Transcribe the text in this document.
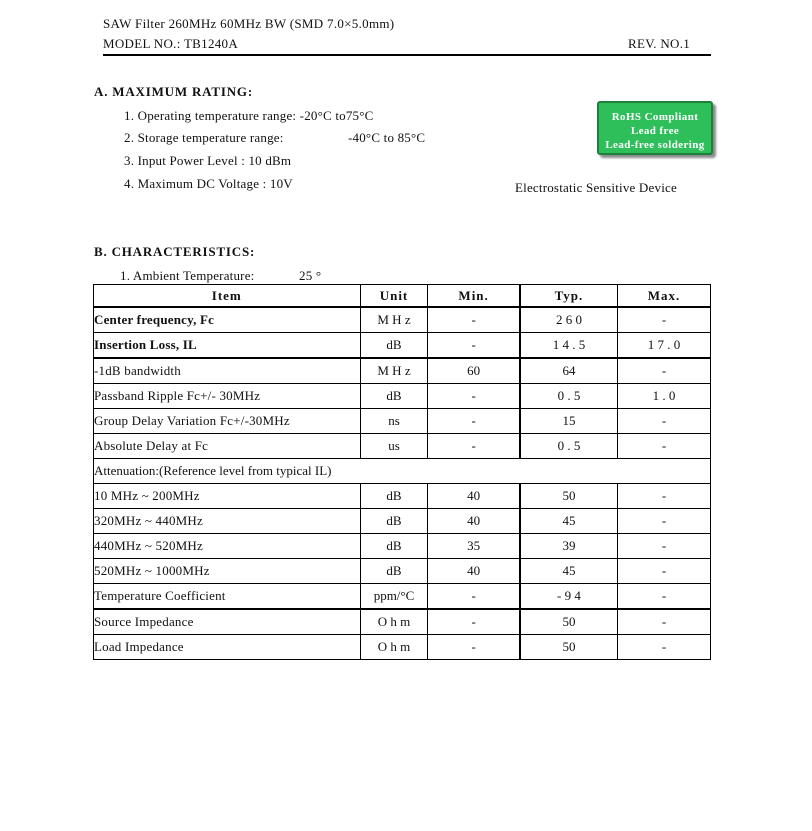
SAW Filter 260MHz 60MHz BW (SMD 7.0×5.0mm)
MODEL NO.: TB1240A	REV. NO.1
A. MAXIMUM RATING:
1. Operating temperature range: -20°C to75°C
2. Storage temperature range:	-40°C to 85°C
3. Input Power Level : 10 dBm
4. Maximum DC Voltage : 10V
RoHS Compliant
Lead free
Lead-free soldering
Electrostatic Sensitive Device
B. CHARACTERISTICS:
1. Ambient Temperature:	25 °
Item	Unit	Min.	Typ.	Max.
Center frequency, Fc	M H z	-	2 6 0	-
Insertion Loss, IL	dB	-	1 4 . 5	1 7 . 0
-1dB bandwidth	M H z	60	64	-
Passband Ripple Fc+/- 30MHz	dB	-	0 . 5	1 . 0
Group Delay Variation Fc+/-30MHz	ns	-	15	-
Absolute Delay at Fc	us	-	0 . 5	-
Attenuation:(Reference level from typical IL)				
10 MHz ~ 200MHz	dB	40	50	-
320MHz ~ 440MHz	dB	40	45	-
440MHz ~ 520MHz	dB	35	39	-
520MHz ~ 1000MHz	dB	40	45	-
Temperature Coefficient	ppm/°C	-	- 9 4	-
Source Impedance	O h m	-	50	-
Load Impedance	O h m	-	50	-
